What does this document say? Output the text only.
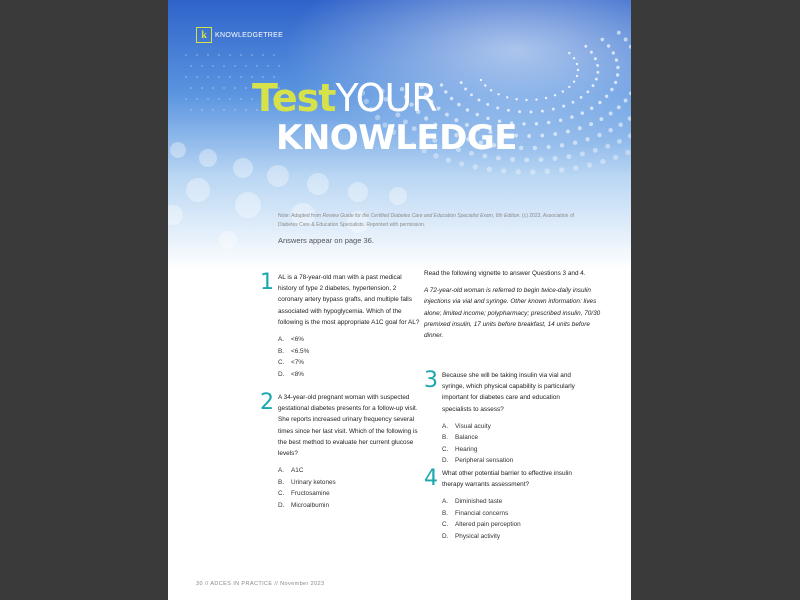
k	KNOWLEDGETREE
TestYOUR
KNOWLEDGE
Note: Adapted from Review Guide for the Certified Diabetes Care and Education Specialist Exam, 6th Edition. (c) 2023, Association of Diabetes Care & Education Specialists. Reprinted with permission.
Answers appear on page 36.
1 AL is a 78-year-old man with a past medical history of type 2 diabetes, hypertension, 2 coronary artery bypass grafts, and multiple falls associated with hypoglycemia. Which of the following is the most appropriate A1C goal for AL?
A.	<6%
B.	<6.5%
C.	<7%
D.	<8%
2 A 34-year-old pregnant woman with suspected gestational diabetes presents for a follow-up visit. She reports increased urinary frequency several times since her last visit. Which of the following is the best method to evaluate her current glucose levels?
A.	A1C
B.	Urinary ketones
C.	Fructosamine
D.	Microalbumin
Read the following vignette to answer Questions 3 and 4.
A 72-year-old woman is referred to begin twice-daily insulin injections via vial and syringe. Other known information: lives alone; limited income; polypharmacy; prescribed insulin, 70/30 premixed insulin, 17 units before breakfast, 14 units before dinner.
3 Because she will be taking insulin via vial and syringe, which physical capability is particularly important for diabetes care and education specialists to assess?
A.	Visual acuity
B.	Balance
C.	Hearing
D.	Peripheral sensation
4 What other potential barrier to effective insulin therapy warrants assessment?
A.	Diminished taste
B.	Financial concerns
C.	Altered pain perception
D.	Physical activity
30 // ADCES IN PRACTICE // November 2023
